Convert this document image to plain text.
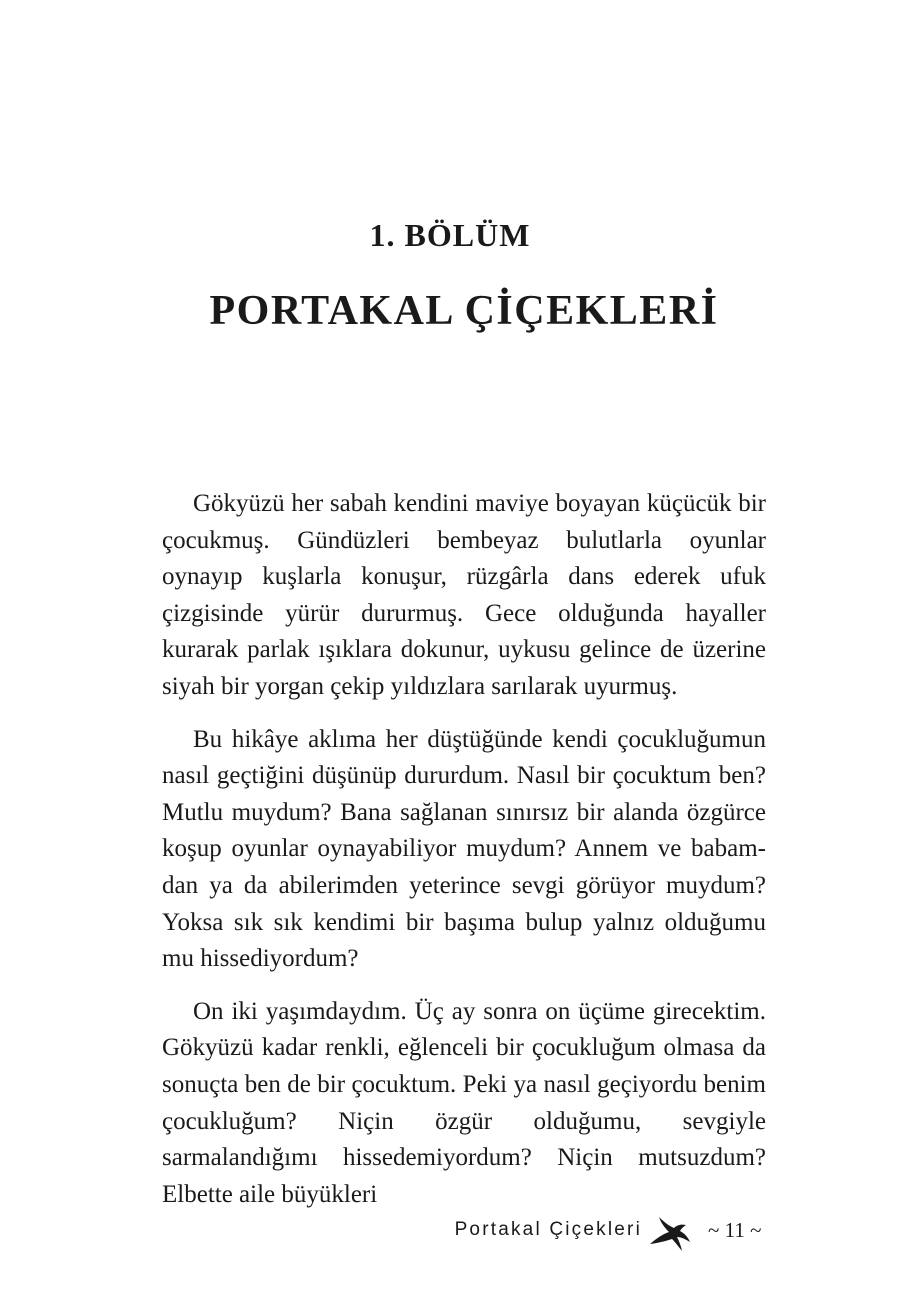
1. BÖLÜM
PORTAKAL ÇİÇEKLERİ

Gökyüzü her sabah kendini maviye boyayan küçücük bir çocukmuş. Gündüzleri bembeyaz bulutlarla oyunlar oynayıp kuşlarla konuşur, rüzgârla dans ederek ufuk çizgisinde yürür dururmuş. Gece olduğunda hayaller kurarak parlak ışıklara dokunur, uykusu gelince de üzerine siyah bir yorgan çekip yıldızlara sarılarak uyurmuş.

Bu hikâye aklıma her düştüğünde kendi çocukluğumun nasıl geçtiğini düşünüp dururdum. Nasıl bir çocuktum ben? Mutlu muydum? Bana sağlanan sınırsız bir alanda özgürce koşup oyunlar oynayabiliyor muydum? Annem ve babamdan ya da abilerimden yeterince sevgi görüyor muydum? Yoksa sık sık kendimi bir başıma bulup yalnız olduğumu mu hissediyordum?

On iki yaşımdaydım. Üç ay sonra on üçüme girecektim. Gökyüzü kadar renkli, eğlenceli bir çocukluğum olmasa da sonuçta ben de bir çocuktum. Peki ya nasıl geçiyordu benim çocukluğum? Niçin özgür olduğumu, sevgiyle sarmalandığımı hissedemiyordum? Niçin mutsuzdum? Elbette aile büyükleri

Portakal Çiçekleri	~ 11 ~
